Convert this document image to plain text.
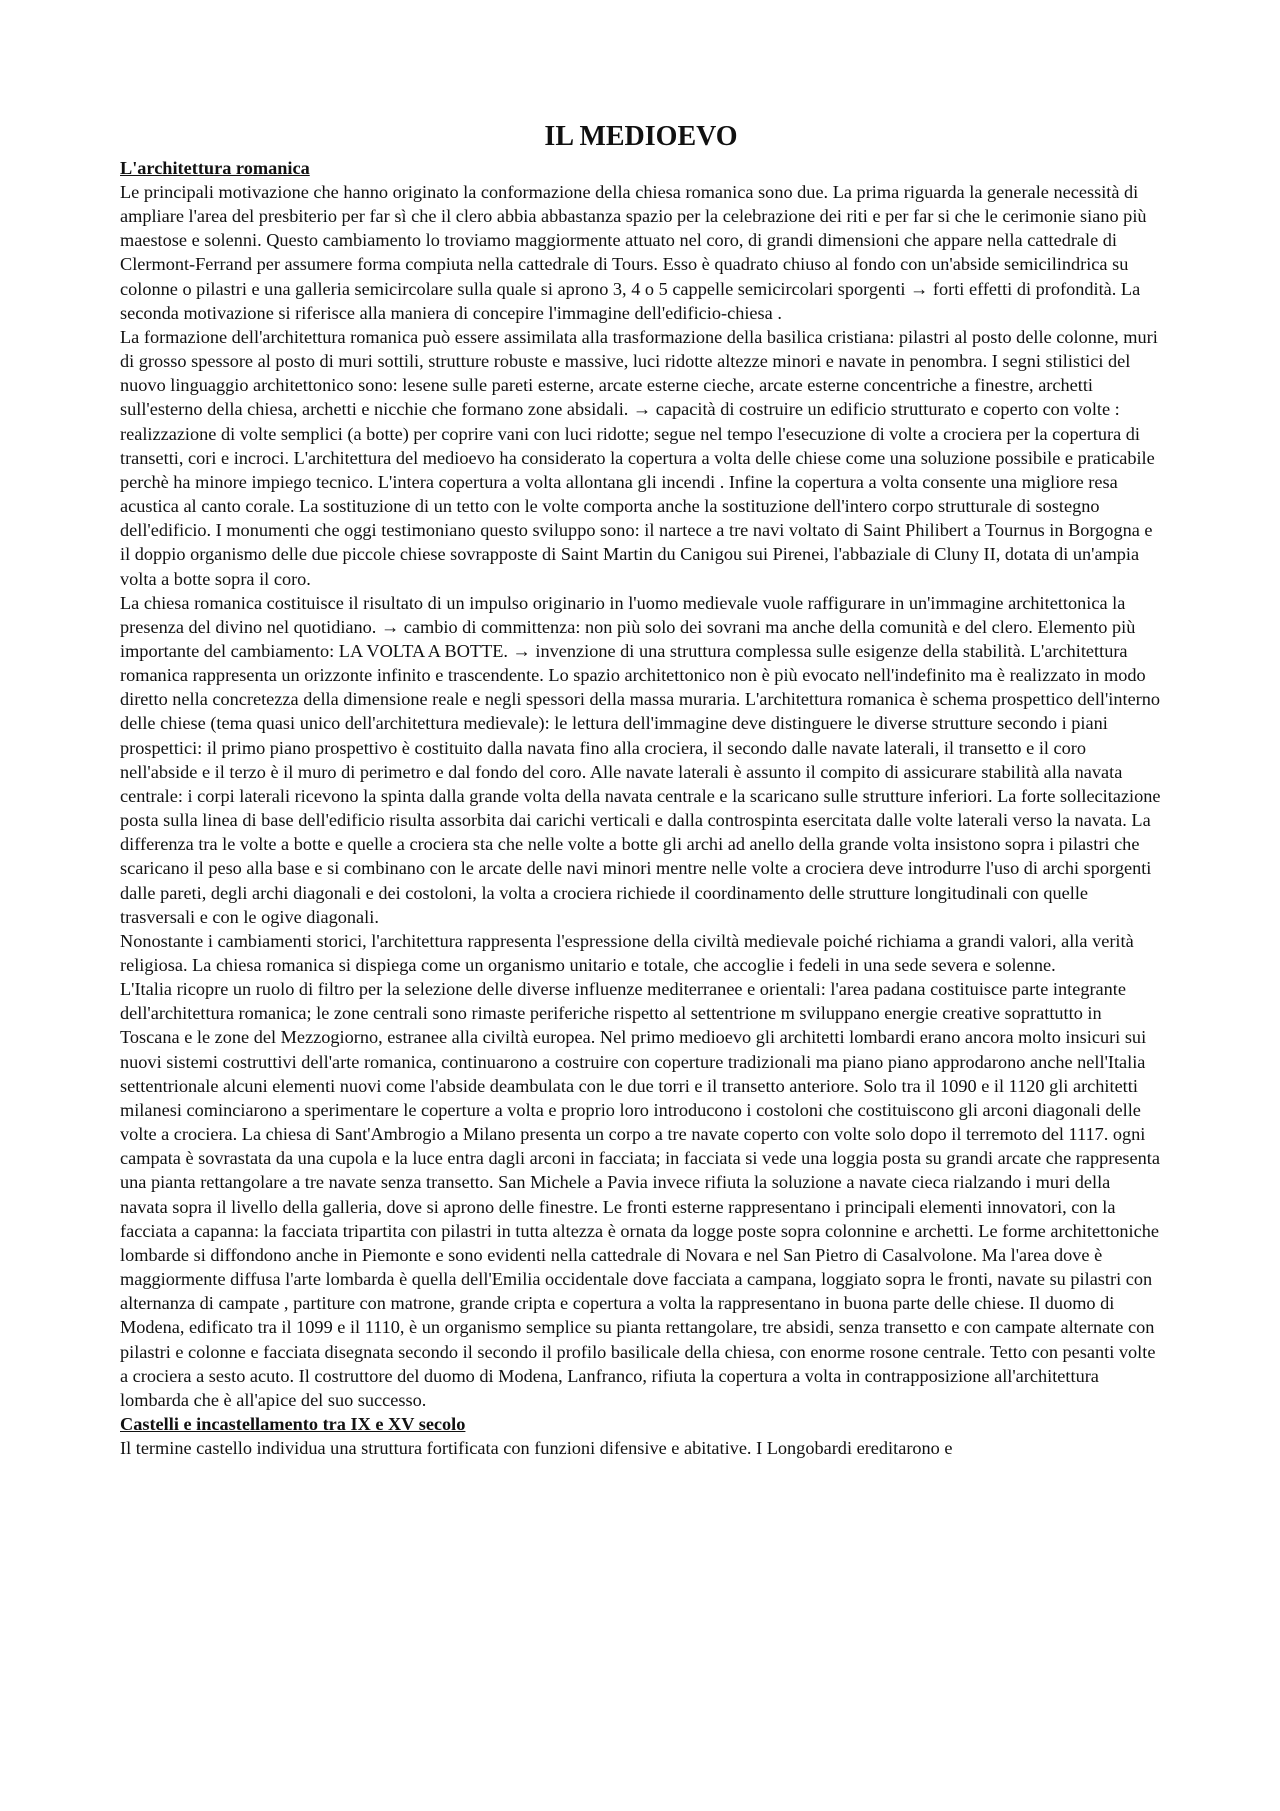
IL MEDIOEVO
L'architettura romanica

Le principali motivazione che hanno originato la conformazione della chiesa romanica sono due. La prima riguarda la generale necessità di ampliare l'area del presbiterio per far sì che il clero abbia abbastanza spazio per la celebrazione dei riti e per far si che le cerimonie siano più maestose e solenni. Questo cambiamento lo troviamo maggiormente attuato nel coro, di grandi dimensioni che appare nella cattedrale di Clermont-Ferrand per assumere forma compiuta nella cattedrale di Tours. Esso è quadrato chiuso al fondo con un'abside semicilindrica su colonne o pilastri e una galleria semicircolare sulla quale si aprono 3, 4 o 5 cappelle semicircolari sporgenti → forti effetti di profondità. La seconda motivazione si riferisce alla maniera di concepire l'immagine dell'edificio-chiesa .

La formazione dell'architettura romanica può essere assimilata alla trasformazione della basilica cristiana: pilastri al posto delle colonne, muri di grosso spessore al posto di muri sottili, strutture robuste e massive, luci ridotte altezze minori e navate in penombra. I segni stilistici del nuovo linguaggio architettonico sono: lesene sulle pareti esterne, arcate esterne cieche, arcate esterne concentriche a finestre, archetti sull'esterno della chiesa, archetti e nicchie che formano zone absidali. → capacità di costruire un edificio strutturato e coperto con volte : realizzazione di volte semplici (a botte) per coprire vani con luci ridotte; segue nel tempo l'esecuzione di volte a crociera per la copertura di transetti, cori e incroci. L'architettura del medioevo ha considerato la copertura a volta delle chiese come una soluzione possibile e praticabile perchè ha minore impiego tecnico. L'intera copertura a volta allontana gli incendi . Infine la copertura a volta consente una migliore resa acustica al canto corale. La sostituzione di un tetto con le volte comporta anche la sostituzione dell'intero corpo strutturale di sostegno dell'edificio. I monumenti che oggi testimoniano questo sviluppo sono: il nartece a tre navi voltato di Saint Philibert a Tournus in Borgogna e il doppio organismo delle due piccole chiese sovrapposte di Saint Martin du Canigou sui Pirenei, l'abbaziale di Cluny II, dotata di un'ampia volta a botte sopra il coro.

La chiesa romanica costituisce il risultato di un impulso originario in l'uomo medievale vuole raffigurare in un'immagine architettonica la presenza del divino nel quotidiano. → cambio di committenza: non più solo dei sovrani ma anche della comunità e del clero. Elemento più importante del cambiamento: LA VOLTA A BOTTE. → invenzione di una struttura complessa sulle esigenze della stabilità. L'architettura romanica rappresenta un orizzonte infinito e trascendente. Lo spazio architettonico non è più evocato nell'indefinito ma è realizzato in modo diretto nella concretezza della dimensione reale e negli spessori della massa muraria. L'architettura romanica è schema prospettico dell'interno delle chiese (tema quasi unico dell'architettura medievale): le lettura dell'immagine deve distinguere le diverse strutture secondo i piani prospettici: il primo piano prospettivo è costituito dalla navata fino alla crociera, il secondo dalle navate laterali, il transetto e il coro nell'abside e il terzo è il muro di perimetro e dal fondo del coro. Alle navate laterali è assunto il compito di assicurare stabilità alla navata centrale: i corpi laterali ricevono la spinta dalla grande volta della navata centrale e la scaricano sulle strutture inferiori. La forte sollecitazione posta sulla linea di base dell'edificio risulta assorbita dai carichi verticali e dalla controspinta esercitata dalle volte laterali verso la navata. La differenza tra le volte a botte e quelle a crociera sta che nelle volte a botte gli archi ad anello della grande volta insistono sopra i pilastri che scaricano il peso alla base e si combinano con le arcate delle navi minori mentre nelle volte a crociera deve introdurre l'uso di archi sporgenti dalle pareti, degli archi diagonali e dei costoloni, la volta a crociera richiede il coordinamento delle strutture longitudinali con quelle trasversali e con le ogive diagonali.

Nonostante i cambiamenti storici, l'architettura rappresenta l'espressione della civiltà medievale poiché richiama a grandi valori, alla verità religiosa. La chiesa romanica si dispiega come un organismo unitario e totale, che accoglie i fedeli in una sede severa e solenne.

L'Italia ricopre un ruolo di filtro per la selezione delle diverse influenze mediterranee e orientali: l'area padana costituisce parte integrante dell'architettura romanica; le zone centrali sono rimaste periferiche rispetto al settentrione m sviluppano energie creative soprattutto in Toscana e le zone del Mezzogiorno, estranee alla civiltà europea. Nel primo medioevo gli architetti lombardi erano ancora molto insicuri sui nuovi sistemi costruttivi dell'arte romanica, continuarono a costruire con coperture tradizionali ma piano piano approdarono anche nell'Italia settentrionale alcuni elementi nuovi come l'abside deambulata con le due torri e il transetto anteriore. Solo tra il 1090 e il 1120 gli architetti milanesi cominciarono a sperimentare le coperture a volta e proprio loro introducono i costoloni che costituiscono gli arconi diagonali delle volte a crociera. La chiesa di Sant'Ambrogio a Milano presenta un corpo a tre navate coperto con volte solo dopo il terremoto del 1117. ogni campata è sovrastata da una cupola e la luce entra dagli arconi in facciata; in facciata si vede una loggia posta su grandi arcate che rappresenta una pianta rettangolare a tre navate senza transetto. San Michele a Pavia invece rifiuta la soluzione a navate cieca rialzando i muri della navata sopra il livello della galleria, dove si aprono delle finestre. Le fronti esterne rappresentano i principali elementi innovatori, con la facciata a capanna: la facciata tripartita con pilastri in tutta altezza è ornata da logge poste sopra colonnine e archetti. Le forme architettoniche lombarde si diffondono anche in Piemonte e sono evidenti nella cattedrale di Novara e nel San Pietro di Casalvolone. Ma l'area dove è maggiormente diffusa l'arte lombarda è quella dell'Emilia occidentale dove facciata a campana, loggiato sopra le fronti, navate su pilastri con alternanza di campate , partiture con matrone, grande cripta e copertura a volta la rappresentano in buona parte delle chiese. Il duomo di Modena, edificato tra il 1099 e il 1110, è un organismo semplice su pianta rettangolare, tre absidi, senza transetto e con campate alternate con pilastri e colonne e facciata disegnata secondo il secondo il profilo basilicale della chiesa, con enorme rosone centrale. Tetto con pesanti volte a crociera a sesto acuto. Il costruttore del duomo di Modena, Lanfranco, rifiuta la copertura a volta in contrapposizione all'architettura lombarda che è all'apice del suo successo.

Castelli e incastellamento tra IX e XV secolo

Il termine castello individua una struttura fortificata con funzioni difensive e abitative. I Longobardi ereditarono e
